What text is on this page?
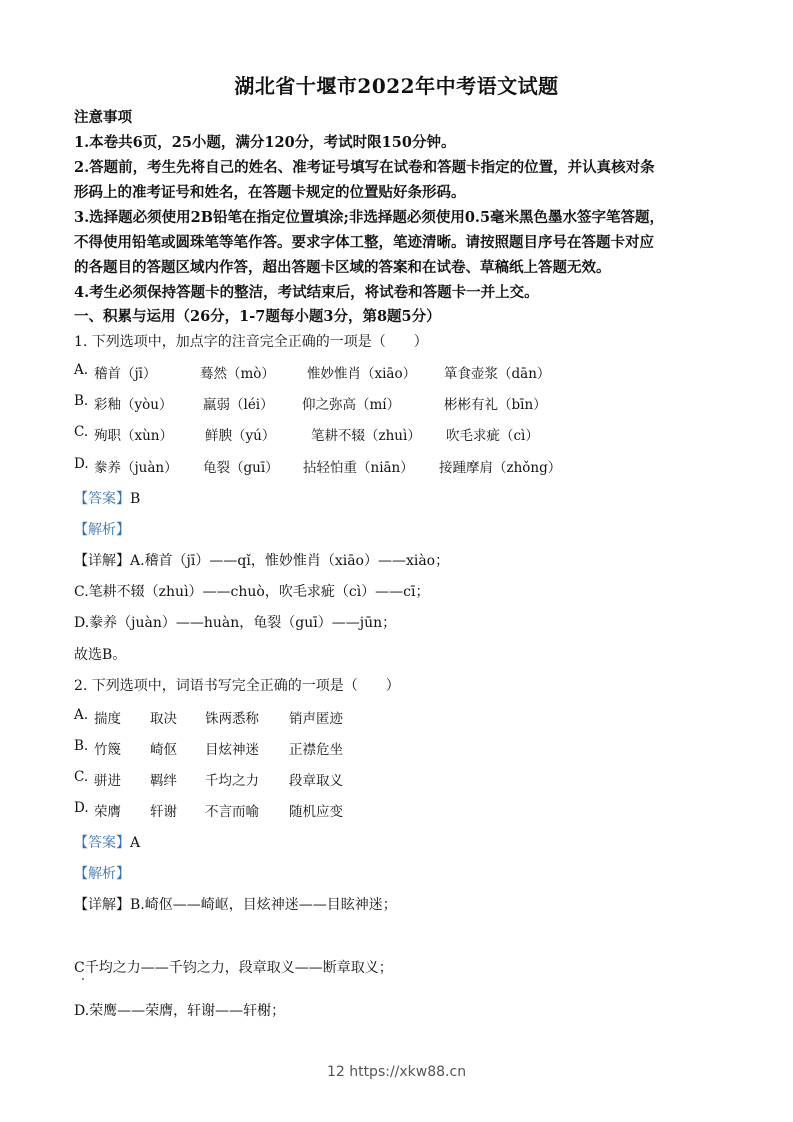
湖北省十堰市2022年中考语文试题
注意事项
1.本卷共6页，25小题，满分120分，考试时限150分钟。
2.答题前，考生先将自己的姓名、准考证号填写在试卷和答题卡指定的位置，并认真核对条
形码上的准考证号和姓名，在答题卡规定的位置贴好条形码。
3.选择题必须使用2B铅笔在指定位置填涂;非选择题必须使用0.5毫米黑色墨水签字笔答题，
不得使用铅笔或圆珠笔等笔作答。要求字体工整，笔迹清晰。请按照题目序号在答题卡对应
的各题目的答题区域内作答，超出答题卡区域的答案和在试卷、草稿纸上答题无效。
4.考生必须保持答题卡的整洁，考试结束后，将试卷和答题卡一并上交。
一、积累与运用（26分，1-7题每小题3分，第8题5分）
1. 下列选项中，加点字的注音完全正确的一项是（　　）
A. 稽首（jī）	蓦然（mò） 惟妙惟肖（xiāo） 箪食壶浆（dān）
B. 彩釉（yòu） 羸弱（léi） 仰之弥高（mí）	彬彬有礼（bīn）
C. 殉职（xùn） 鲜腴（yú）	笔耕不辍（zhuì） 吹毛求疵（cì）
D. 豢养（juàn） 龟裂（guī） 拈轻怕重（niān） 接踵摩肩（zhǒng）
【答案】B
【解析】
【详解】A.稽首（jī）——qǐ，惟妙惟肖（xiāo）——xiào；
C.笔耕不辍（zhuì）——chuò，吹毛求疵（cì）——cī；
D.豢养（juàn）——huàn，龟裂（guī）——jūn；
故选B。
2. 下列选项中，词语书写完全正确的一项是（　　）
A. 揣度 取决 铢两悉称 销声匿迹
B. 竹篾 崎伛 目炫神迷 正襟危坐
C. 骈进 羁绊 千均之力 段章取义
D. 荣膺 轩谢 不言而喻 随机应变
【答案】A
【解析】
【详解】B.崎伛——崎岖，目炫神迷——目眩神迷；
C千均之力——千钧之力，段章取义——断章取义；
D.荣鹰——荣膺，轩谢——轩榭；
12 https://xkw88.cn
